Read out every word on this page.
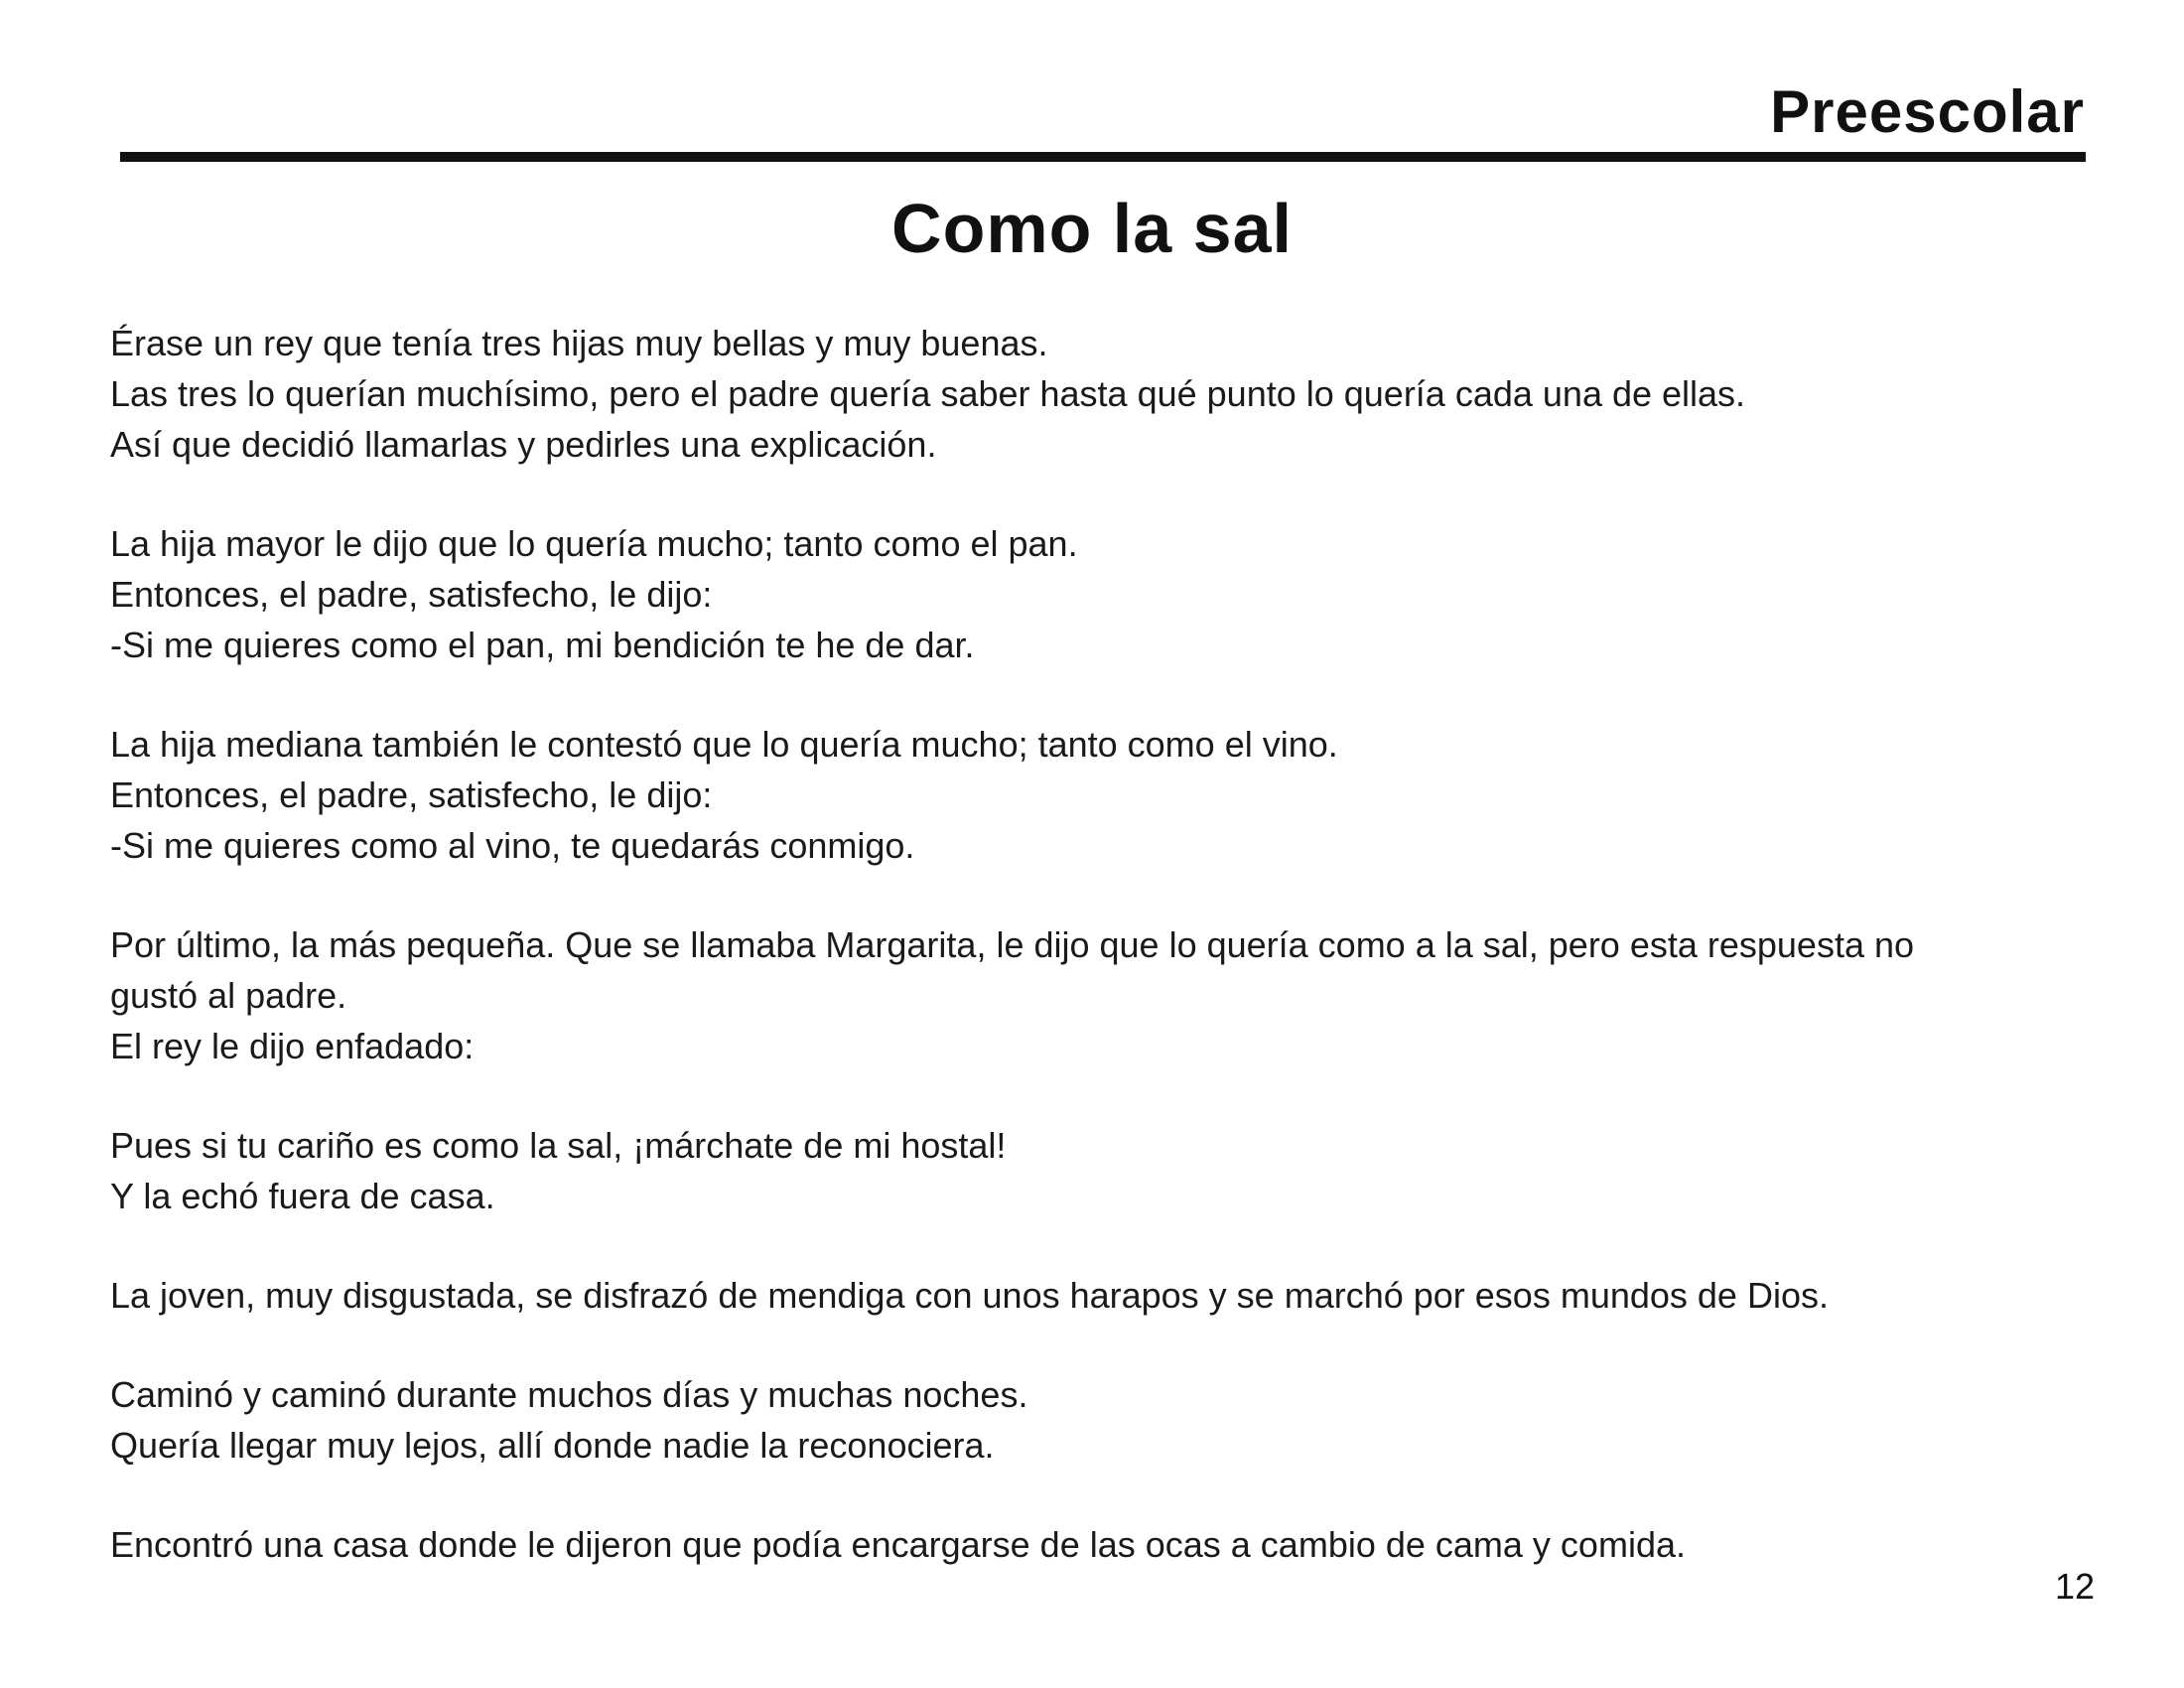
Preescolar
Como la sal

Érase un rey que tenía tres hijas muy bellas y muy buenas.
Las tres lo querían muchísimo, pero el padre quería saber hasta qué punto lo quería cada una de ellas.
Así que decidió llamarlas y pedirles una explicación.

La hija mayor le dijo que lo quería mucho; tanto como el pan.
Entonces, el padre, satisfecho, le dijo:
-Si me quieres como el pan, mi bendición te he de dar.

La hija mediana también le contestó que lo quería mucho; tanto como el vino.
Entonces, el padre, satisfecho, le dijo:
-Si me quieres como al vino, te quedarás conmigo.

Por último, la más pequeña. Que se llamaba Margarita, le dijo que lo quería como a la sal, pero esta respuesta no
gustó al padre.
El rey le dijo enfadado:

Pues si tu cariño es como la sal, ¡márchate de mi hostal!
Y la echó fuera de casa.

La joven, muy disgustada, se disfrazó de mendiga con unos harapos y se marchó por esos mundos de Dios.

Caminó y caminó durante muchos días y muchas noches.
Quería llegar muy lejos, allí donde nadie la reconociera.

Encontró una casa donde le dijeron que podía encargarse de las ocas a cambio de cama y comida.

12
